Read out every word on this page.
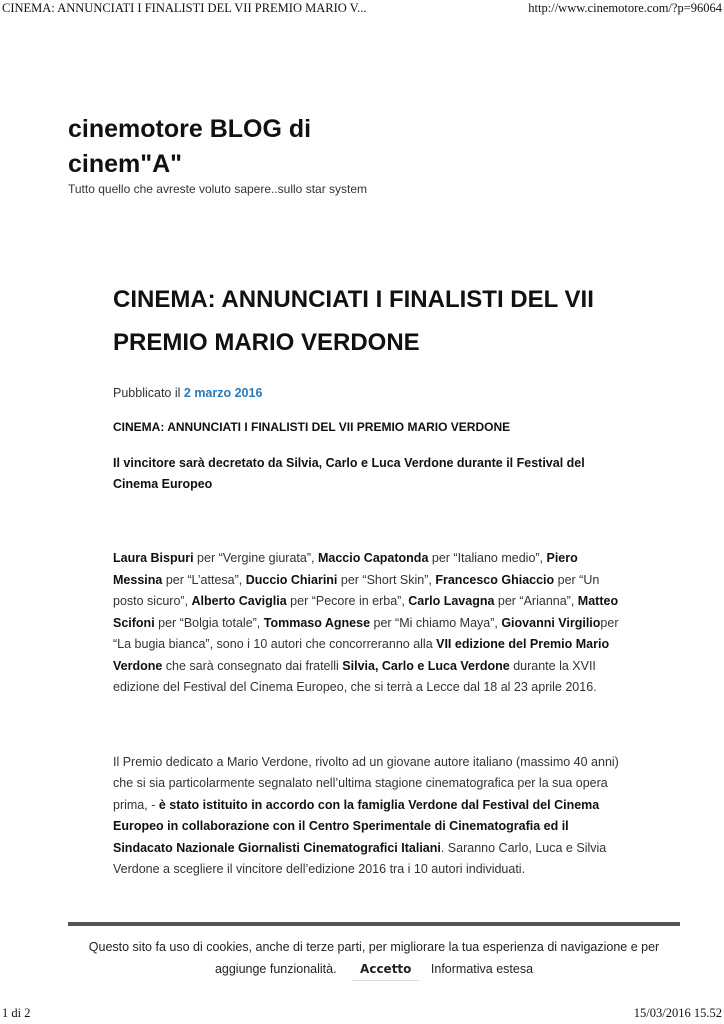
CINEMA: ANNUNCIATI I FINALISTI DEL VII PREMIO MARIO V...	http://www.cinemotore.com/?p=96064
cinemotore BLOG di cinem"A"
Tutto quello che avreste voluto sapere..sullo star system
CINEMA: ANNUNCIATI I FINALISTI DEL VII PREMIO MARIO VERDONE
Pubblicato il 2 marzo 2016
CINEMA: ANNUNCIATI I FINALISTI DEL VII PREMIO MARIO VERDONE
Il vincitore sarà decretato da Silvia, Carlo e Luca Verdone durante il Festival del Cinema Europeo
Laura Bispuri per “Vergine giurata”, Maccio Capatonda per “Italiano medio”, Piero Messina per “L’attesa”, Duccio Chiarini per “Short Skin”, Francesco Ghiaccio per “Un posto sicuro”, Alberto Caviglia per “Pecore in erba”, Carlo Lavagna per “Arianna”, Matteo Scifoni per “Bolgia totale”, Tommaso Agnese per “Mi chiamo Maya”, Giovanni Virgilioper “La bugia bianca”, sono i 10 autori che concorreranno alla VII edizione del Premio Mario Verdone che sarà consegnato dai fratelli Silvia, Carlo e Luca Verdone durante la XVII edizione del Festival del Cinema Europeo, che si terrà a Lecce dal 18 al 23 aprile 2016.
Il Premio dedicato a Mario Verdone, rivolto ad un giovane autore italiano (massimo 40 anni) che si sia particolarmente segnalato nell’ultima stagione cinematografica per la sua opera prima, - è stato istituito in accordo con la famiglia Verdone dal Festival del Cinema Europeo in collaborazione con il Centro Sperimentale di Cinematografia ed il Sindacato Nazionale Giornalisti Cinematografici Italiani. Saranno Carlo, Luca e Silvia Verdone a scegliere il vincitore dell’edizione 2016 tra i 10 autori individuati.
Questo sito fa uso di cookies, anche di terze parti, per migliorare la tua esperienza di navigazione e per aggiunge funzionalità. Accetto Informativa estesa
1 di 2	15/03/2016 15.52
